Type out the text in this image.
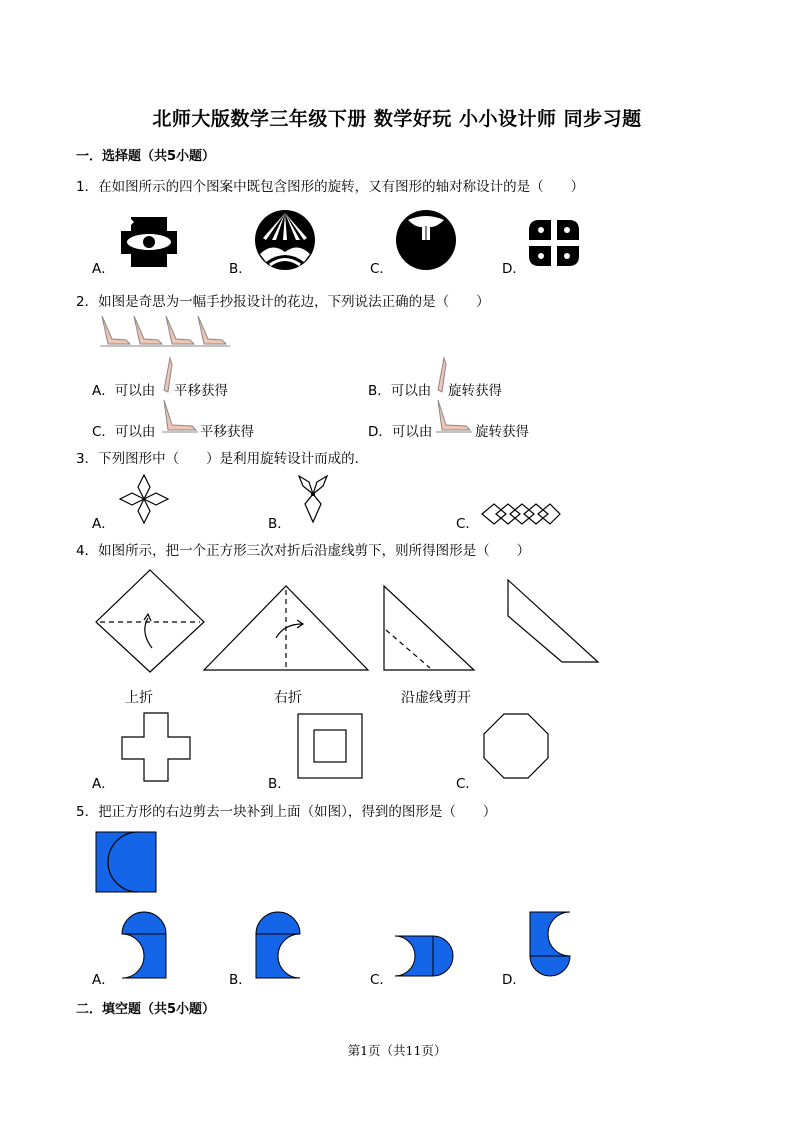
北师大版数学三年级下册 数学好玩 小小设计师 同步习题
一．选择题（共5小题）
1．在如图所示的四个图案中既包含图形的旋转，又有图形的轴对称设计的是（　　）
A．	B．	C．	D．
2．如图是奇思为一幅手抄报设计的花边，下列说法正确的是（　　）
A．可以由 平移获得	B．可以由 旋转获得
C．可以由	平移获得	D．可以由	旋转获得
3．下列图形中（　　）是利用旋转设计而成的．
A．	B．	C．
4．如图所示，把一个正方形三次对折后沿虚线剪下，则所得图形是（　　）
上折	右折	沿虚线剪开
A．	B．	C．
5．把正方形的右边剪去一块补到上面（如图），得到的图形是（　　）
A．	B．	C．	D．
二．填空题（共5小题）
第1页（共11页）
